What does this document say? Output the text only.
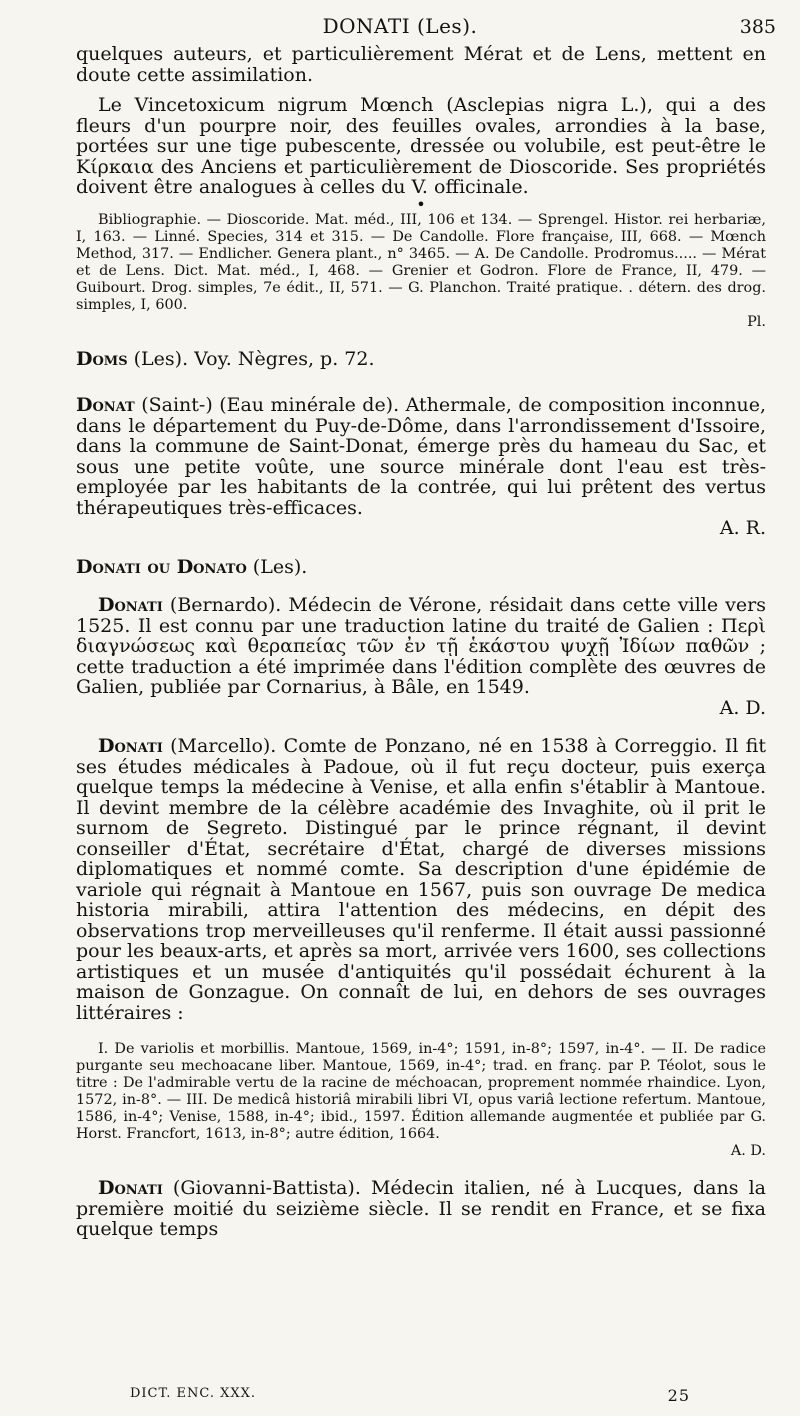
DONATI (Les).	385

quelques auteurs, et particulièrement Mérat et de Lens, mettent en doute cette assimilation.

Le Vincetoxicum nigrum Mœnch (Asclepias nigra L.), qui a des fleurs d'un pourpre noir, des feuilles ovales, arrondies à la base, portées sur une tige pubescente, dressée ou volubile, est peut-être le Κίρκαια des Anciens et particulièrement de Dioscoride. Ses propriétés doivent être analogues à celles du V. officinale.

•

Bibliographie. — Dioscoride. Mat. méd., III, 106 et 134. — Sprengel. Histor. rei herbariæ, I, 163. — Linné. Species, 314 et 315. — De Candolle. Flore française, III, 668. — Mœnch Method, 317. — Endlicher. Genera plant., n° 3465. — A. De Candolle. Prodromus..... — Mérat et de Lens. Dict. Mat. méd., I, 468. — Grenier et Godron. Flore de France, II, 479. — Guibourt. Drog. simples, 7e édit., II, 571. — G. Planchon. Traité pratique. . détern. des drog. simples, I, 600.

Pl.

Doms (Les). Voy. Nègres, p. 72.

Donat (Saint-) (Eau minérale de). Athermale, de composition inconnue, dans le département du Puy-de-Dôme, dans l'arrondissement d'Issoire, dans la commune de Saint-Donat, émerge près du hameau du Sac, et sous une petite voûte, une source minérale dont l'eau est très-employée par les habitants de la contrée, qui lui prêtent des vertus thérapeutiques très-efficaces.

A. R.

Donati ou Donato (Les).

Donati (Bernardo). Médecin de Vérone, résidait dans cette ville vers 1525. Il est connu par une traduction latine du traité de Galien : Περὶ διαγνώσεως καὶ θεραπείας τῶν ἐν τῇ ἑκάστου ψυχῇ Ἰδίων παθῶν ; cette traduction a été imprimée dans l'édition complète des œuvres de Galien, publiée par Cornarius, à Bâle, en 1549.

A. D.

Donati (Marcello). Comte de Ponzano, né en 1538 à Correggio. Il fit ses études médicales à Padoue, où il fut reçu docteur, puis exerça quelque temps la médecine à Venise, et alla enfin s'établir à Mantoue. Il devint membre de la célèbre académie des Invaghite, où il prit le surnom de Segreto. Distingué par le prince régnant, il devint conseiller d'État, secrétaire d'État, chargé de diverses missions diplomatiques et nommé comte. Sa description d'une épidémie de variole qui régnait à Mantoue en 1567, puis son ouvrage De medica historia mirabili, attira l'attention des médecins, en dépit des observations trop merveilleuses qu'il renferme. Il était aussi passionné pour les beaux-arts, et après sa mort, arrivée vers 1600, ses collections artistiques et un musée d'antiquités qu'il possédait échurent à la maison de Gonzague. On connaît de lui, en dehors de ses ouvrages littéraires :

I. De variolis et morbillis. Mantoue, 1569, in-4°; 1591, in-8°; 1597, in-4°. — II. De radice purgante seu mechoacane liber. Mantoue, 1569, in-4°; trad. en franç. par P. Téolot, sous le titre : De l'admirable vertu de la racine de méchoacan, proprement nommée rhaindice. Lyon, 1572, in-8°. — III. De medicâ historiâ mirabili libri VI, opus variâ lectione refertum. Mantoue, 1586, in-4°; Venise, 1588, in-4°; ibid., 1597. Édition allemande augmentée et publiée par G. Horst. Francfort, 1613, in-8°; autre édition, 1664.

A. D.

Donati (Giovanni-Battista). Médecin italien, né à Lucques, dans la première moitié du seizième siècle. Il se rendit en France, et se fixa quelque temps

DICT. ENC. XXX.	25
